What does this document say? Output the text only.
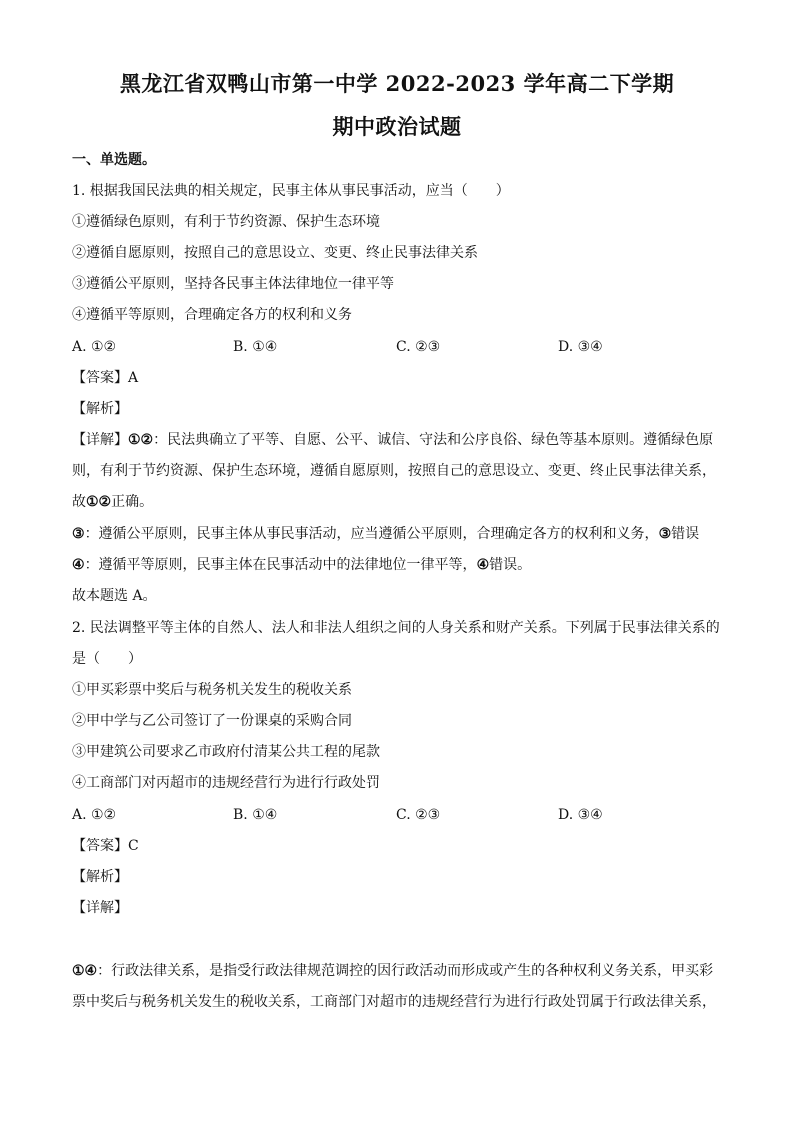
黑龙江省双鸭山市第一中学 2022-2023 学年高二下学期
期中政治试题
一、单选题。
1. 根据我国民法典的相关规定，民事主体从事民事活动，应当（　　）
①遵循绿色原则，有利于节约资源、保护生态环境
②遵循自愿原则，按照自己的意思设立、变更、终止民事法律关系
③遵循公平原则，坚持各民事主体法律地位一律平等
④遵循平等原则，合理确定各方的权利和义务
A. ①②	B. ①④	C. ②③	D. ③④
【答案】A
【解析】
【详解】①②：民法典确立了平等、自愿、公平、诚信、守法和公序良俗、绿色等基本原则。遵循绿色原
则，有利于节约资源、保护生态环境，遵循自愿原则，按照自己的意思设立、变更、终止民事法律关系，
故①②正确。
③：遵循公平原则，民事主体从事民事活动，应当遵循公平原则，合理确定各方的权利和义务，③错误
④：遵循平等原则，民事主体在民事活动中的法律地位一律平等，④错误。
故本题选 A。
2. 民法调整平等主体的自然人、法人和非法人组织之间的人身关系和财产关系。下列属于民事法律关系的
是（　　）
①甲买彩票中奖后与税务机关发生的税收关系
②甲中学与乙公司签订了一份课桌的采购合同
③甲建筑公司要求乙市政府付清某公共工程的尾款
④工商部门对丙超市的违规经营行为进行行政处罚
A. ①②	B. ①④	C. ②③	D. ③④
【答案】C
【解析】
【详解】
①④：行政法律关系，是指受行政法律规范调控的因行政活动而形成或产生的各种权利义务关系，甲买彩
票中奖后与税务机关发生的税收关系，工商部门对超市的违规经营行为进行行政处罚属于行政法律关系，
